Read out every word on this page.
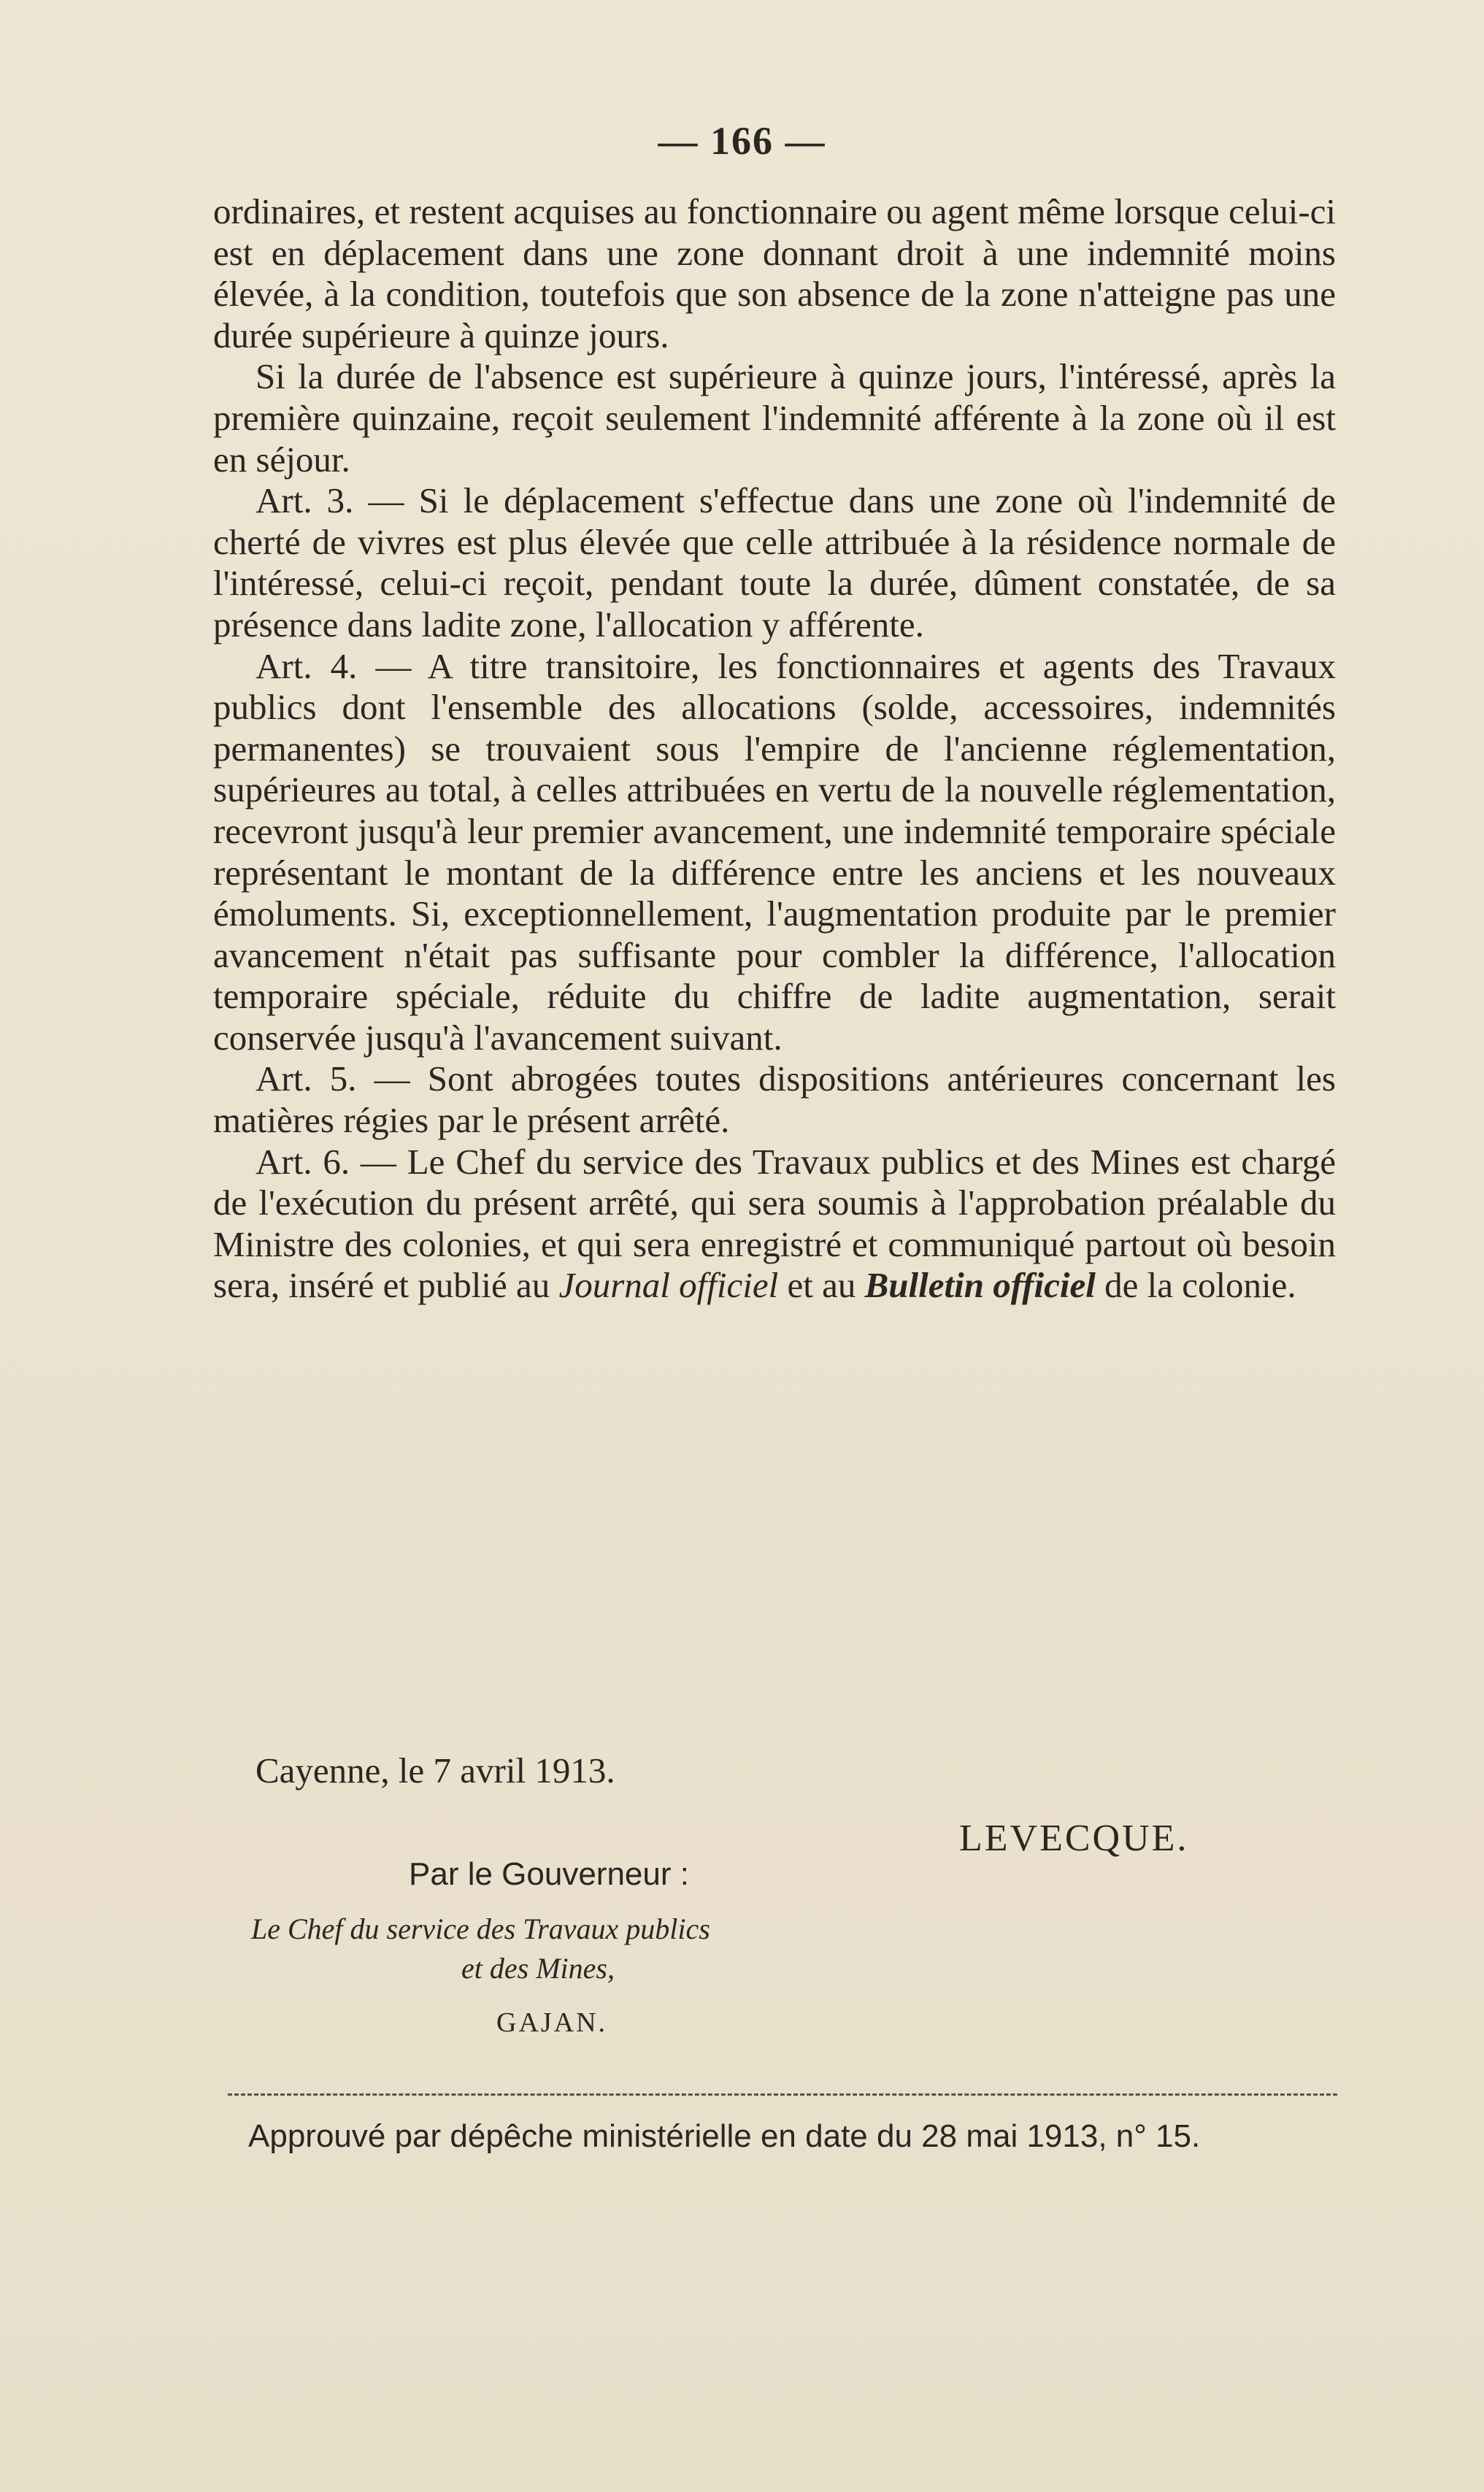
— 166 —

ordinaires, et restent acquises au fonctionnaire ou agent même lorsque celui-ci est en déplacement dans une zone donnant droit à une indemnité moins élevée, à la condition, toutefois que son absence de la zone n'atteigne pas une durée supérieure à quinze jours.

Si la durée de l'absence est supérieure à quinze jours, l'intéressé, après la première quinzaine, reçoit seulement l'indemnité afférente à la zone où il est en séjour.

Art. 3. — Si le déplacement s'effectue dans une zone où l'indemnité de cherté de vivres est plus élevée que celle attribuée à la résidence normale de l'intéressé, celui-ci reçoit, pendant toute la durée, dûment constatée, de sa présence dans ladite zone, l'allocation y afférente.

Art. 4. — A titre transitoire, les fonctionnaires et agents des Travaux publics dont l'ensemble des allocations (solde, accessoires, indemnités permanentes) se trouvaient sous l'empire de l'ancienne réglementation, supérieures au total, à celles attribuées en vertu de la nouvelle réglementation, recevront jusqu'à leur premier avancement, une indemnité temporaire spéciale représentant le montant de la différence entre les anciens et les nouveaux émoluments. Si, exceptionnellement, l'augmentation produite par le premier avancement n'était pas suffisante pour combler la différence, l'allocation temporaire spéciale, réduite du chiffre de ladite augmentation, serait conservée jusqu'à l'avancement suivant.

Art. 5. — Sont abrogées toutes dispositions antérieures concernant les matières régies par le présent arrêté.

Art. 6. — Le Chef du service des Travaux publics et des Mines est chargé de l'exécution du présent arrêté, qui sera soumis à l'approbation préalable du Ministre des colonies, et qui sera enregistré et communiqué partout où besoin sera, inséré et publié au Journal officiel et au Bulletin officiel de la colonie.

Cayenne, le 7 avril 1913.
LEVECQUE.
Par le Gouverneur :
Le Chef du service des Travaux publics
et des Mines,
GAJAN.
Approuvé par dépêche ministérielle en date du 28 mai 1913, n° 15.
